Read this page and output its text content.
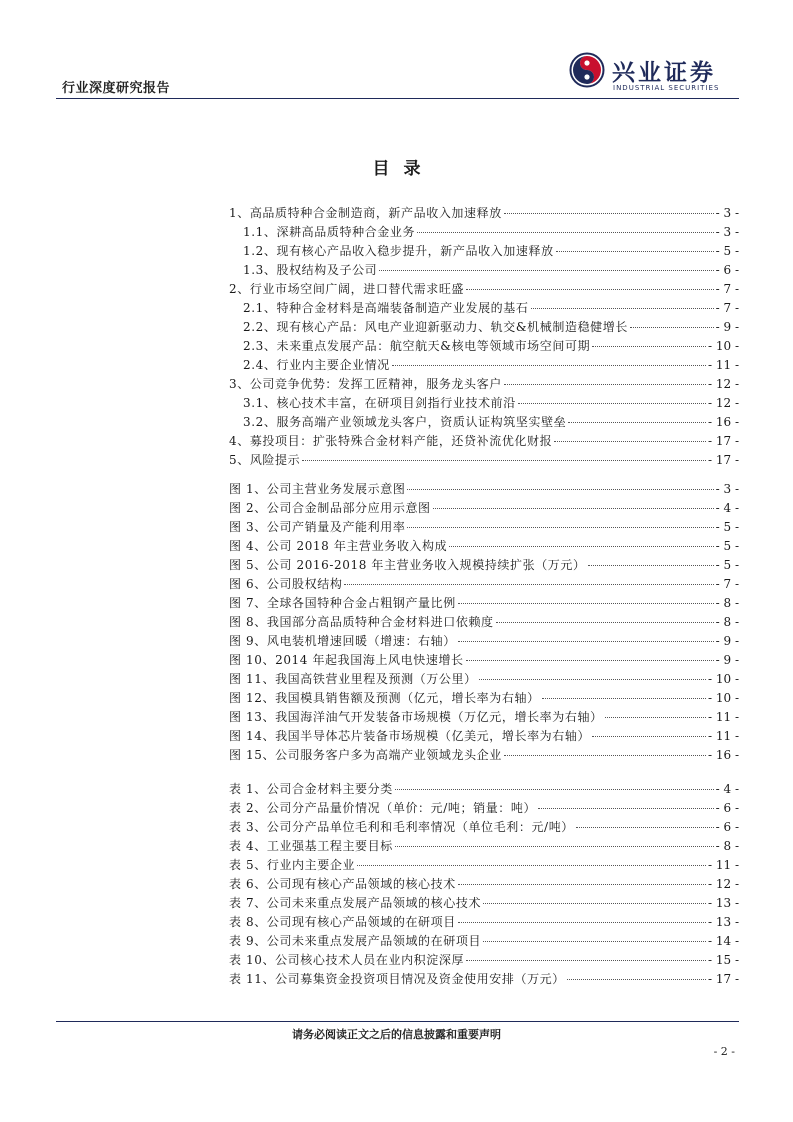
行业深度研究报告
兴业证券
INDUSTRIAL SECURITIES
目录
1、高品质特种合金制造商，新产品收入加速释放	- 3 -
1.1、深耕高品质特种合金业务	- 3 -
1.2、现有核心产品收入稳步提升，新产品收入加速释放	- 5 -
1.3、股权结构及子公司	- 6 -
2、行业市场空间广阔，进口替代需求旺盛	- 7 -
2.1、特种合金材料是高端装备制造产业发展的基石	- 7 -
2.2、现有核心产品：风电产业迎新驱动力、轨交&机械制造稳健增长	- 9 -
2.3、未来重点发展产品：航空航天&核电等领域市场空间可期	- 10 -
2.4、行业内主要企业情况	- 11 -
3、公司竞争优势：发挥工匠精神，服务龙头客户	- 12 -
3.1、核心技术丰富，在研项目剑指行业技术前沿	- 12 -
3.2、服务高端产业领域龙头客户，资质认证构筑坚实壁垒	- 16 -
4、募投项目：扩张特殊合金材料产能，还贷补流优化财报	- 17 -
5、风险提示	- 17 -
图 1、公司主营业务发展示意图	- 3 -
图 2、公司合金制品部分应用示意图	- 4 -
图 3、公司产销量及产能利用率	- 5 -
图 4、公司 2018 年主营业务收入构成	- 5 -
图 5、公司 2016-2018 年主营业务收入规模持续扩张（万元）	- 5 -
图 6、公司股权结构	- 7 -
图 7、全球各国特种合金占粗钢产量比例	- 8 -
图 8、我国部分高品质特种合金材料进口依赖度	- 8 -
图 9、风电装机增速回暖（增速：右轴）	- 9 -
图 10、2014 年起我国海上风电快速增长	- 9 -
图 11、我国高铁营业里程及预测（万公里）	- 10 -
图 12、我国模具销售额及预测（亿元，增长率为右轴）	- 10 -
图 13、我国海洋油气开发装备市场规模（万亿元，增长率为右轴）	- 11 -
图 14、我国半导体芯片装备市场规模（亿美元，增长率为右轴）	- 11 -
图 15、公司服务客户多为高端产业领域龙头企业	- 16 -
表 1、公司合金材料主要分类	- 4 -
表 2、公司分产品量价情况（单价：元/吨；销量：吨）	- 6 -
表 3、公司分产品单位毛利和毛利率情况（单位毛利：元/吨）	- 6 -
表 4、工业强基工程主要目标	- 8 -
表 5、行业内主要企业	- 11 -
表 6、公司现有核心产品领域的核心技术	- 12 -
表 7、公司未来重点发展产品领域的核心技术	- 13 -
表 8、公司现有核心产品领域的在研项目	- 13 -
表 9、公司未来重点发展产品领域的在研项目	- 14 -
表 10、公司核心技术人员在业内积淀深厚	- 15 -
表 11、公司募集资金投资项目情况及资金使用安排（万元）	- 17 -
请务必阅读正文之后的信息披露和重要声明
- 2 -
